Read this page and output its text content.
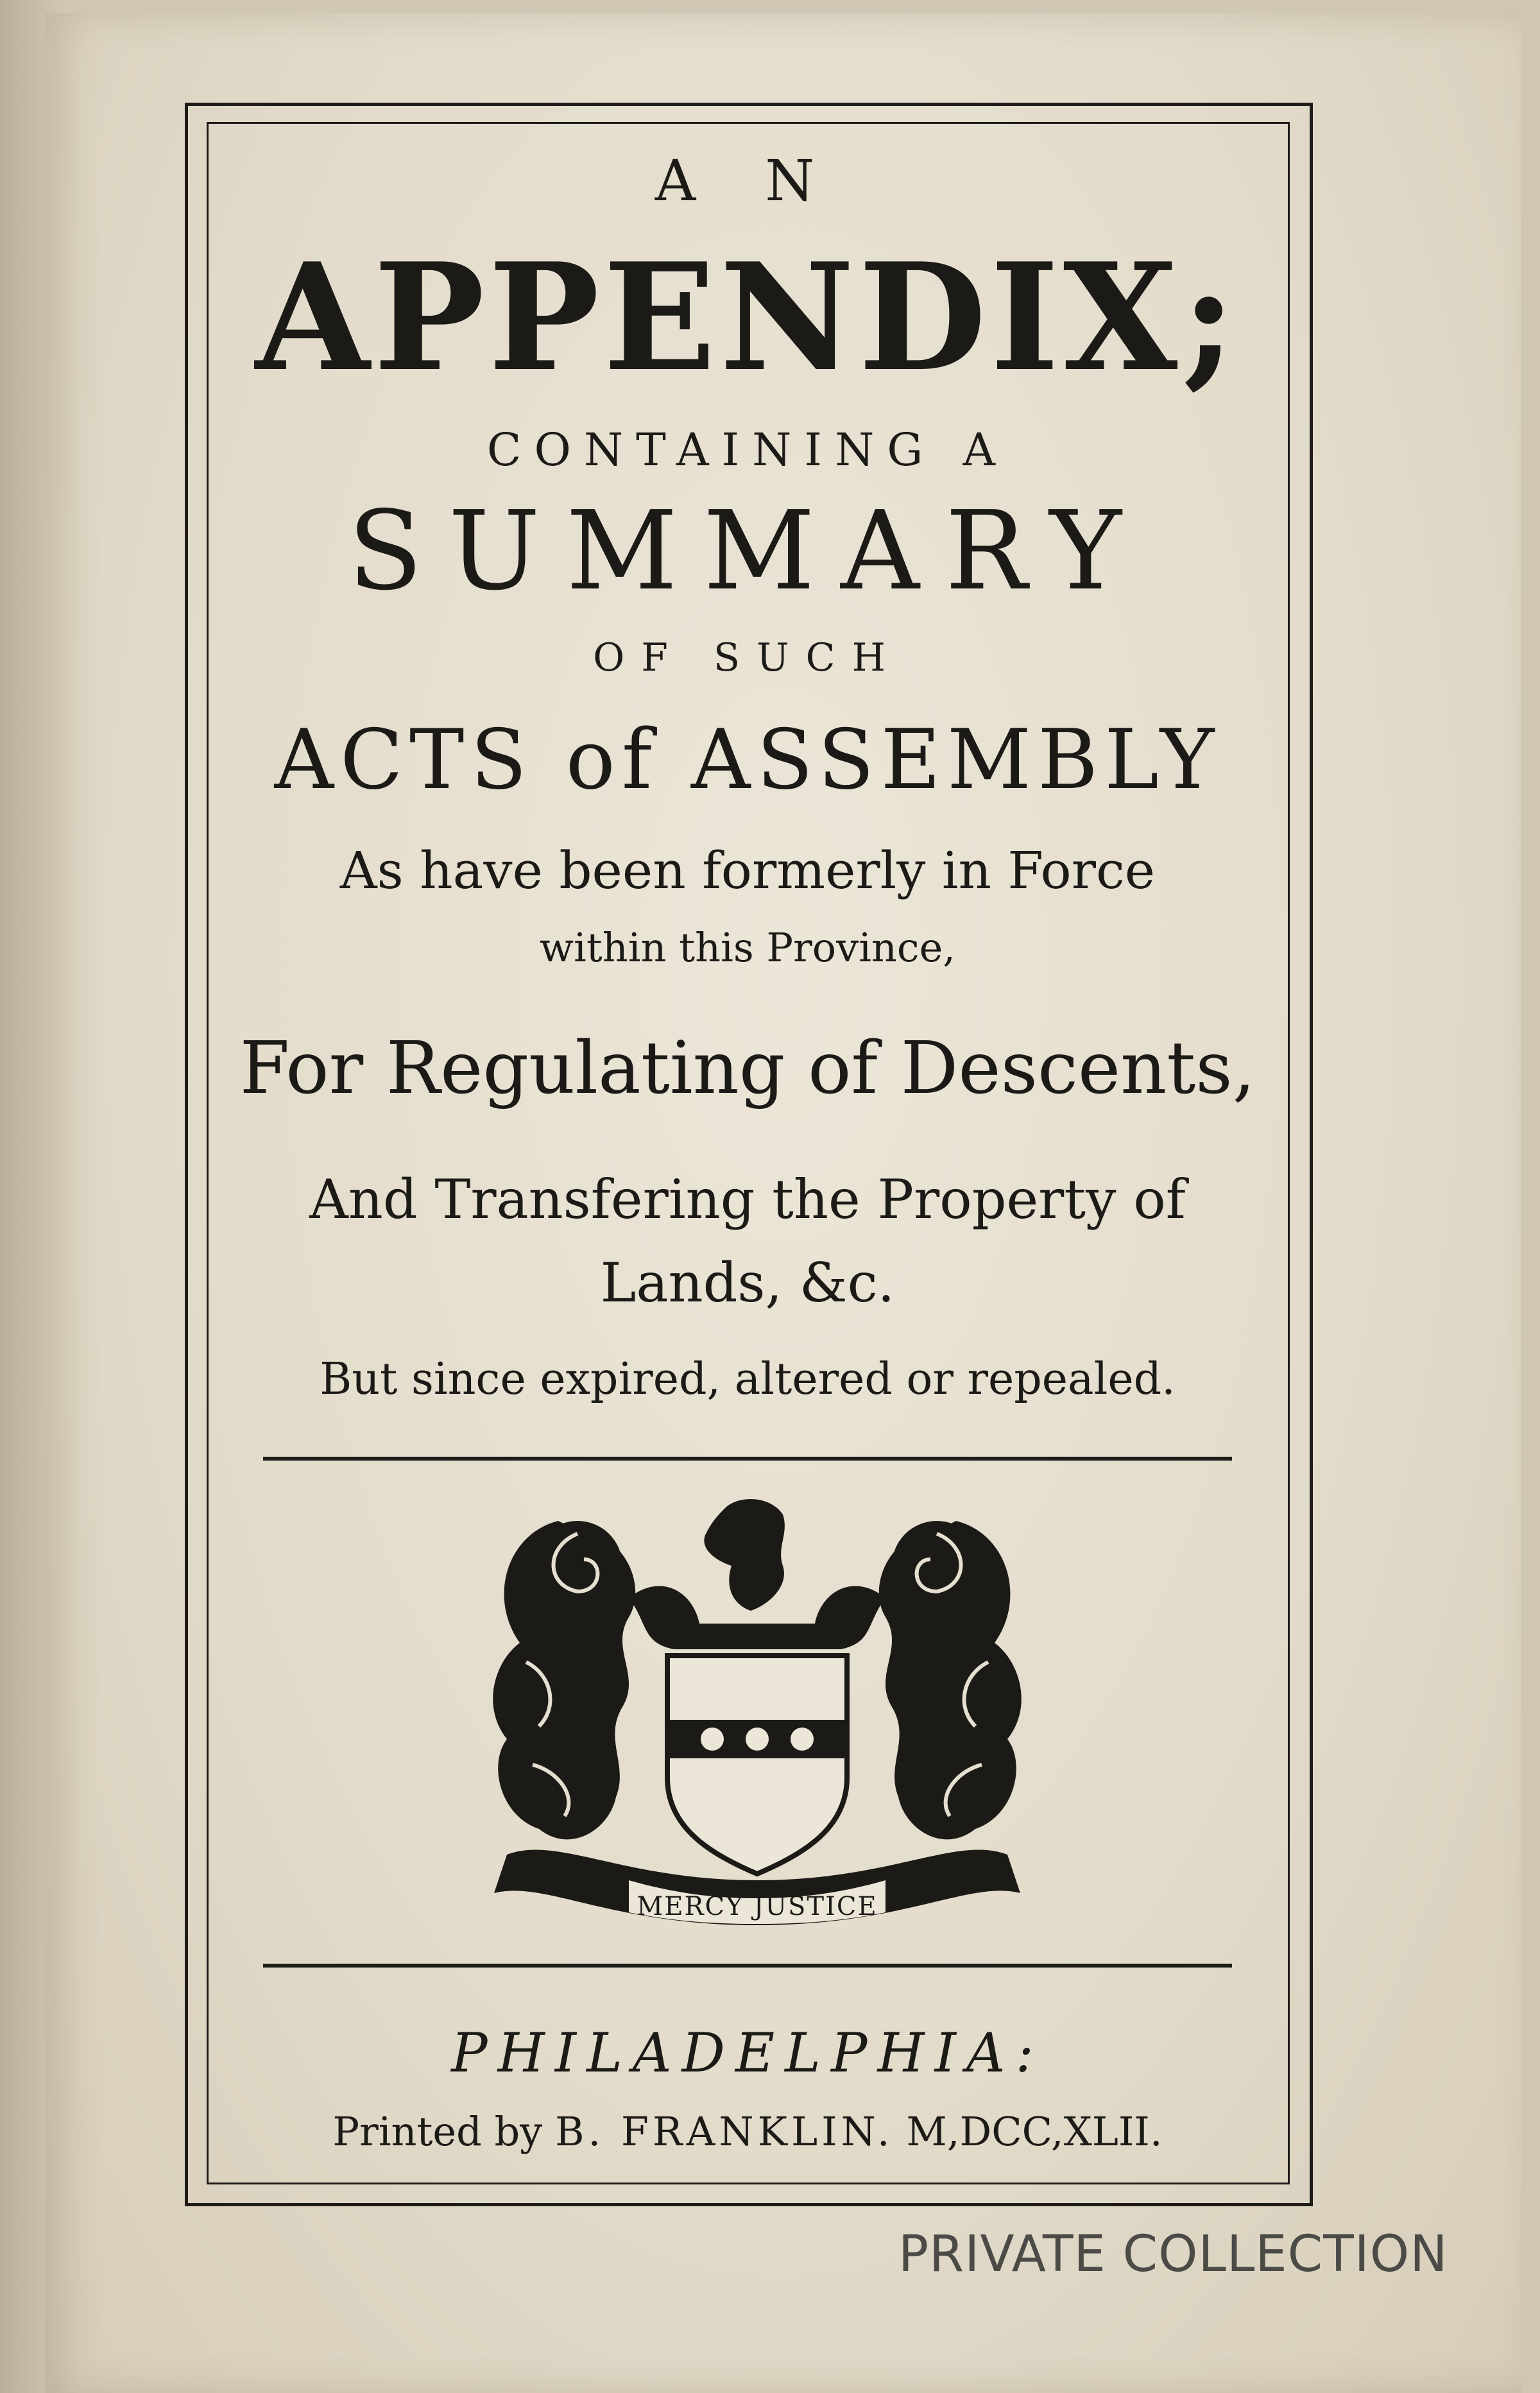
A N
APPENDIX;
CONTAINING A
SUMMARY
OF SUCH
ACTS of ASSEMBLY
As have been formerly in Force
within this Province,
For Regulating of Descents,
And Transfering the Property of
Lands, &c.
But since expired, altered or repealed.
MERCY JUSTICE
PHILADELPHIA:
Printed by B. FRANKLIN. M,DCC,XLII.
PRIVATE COLLECTION
